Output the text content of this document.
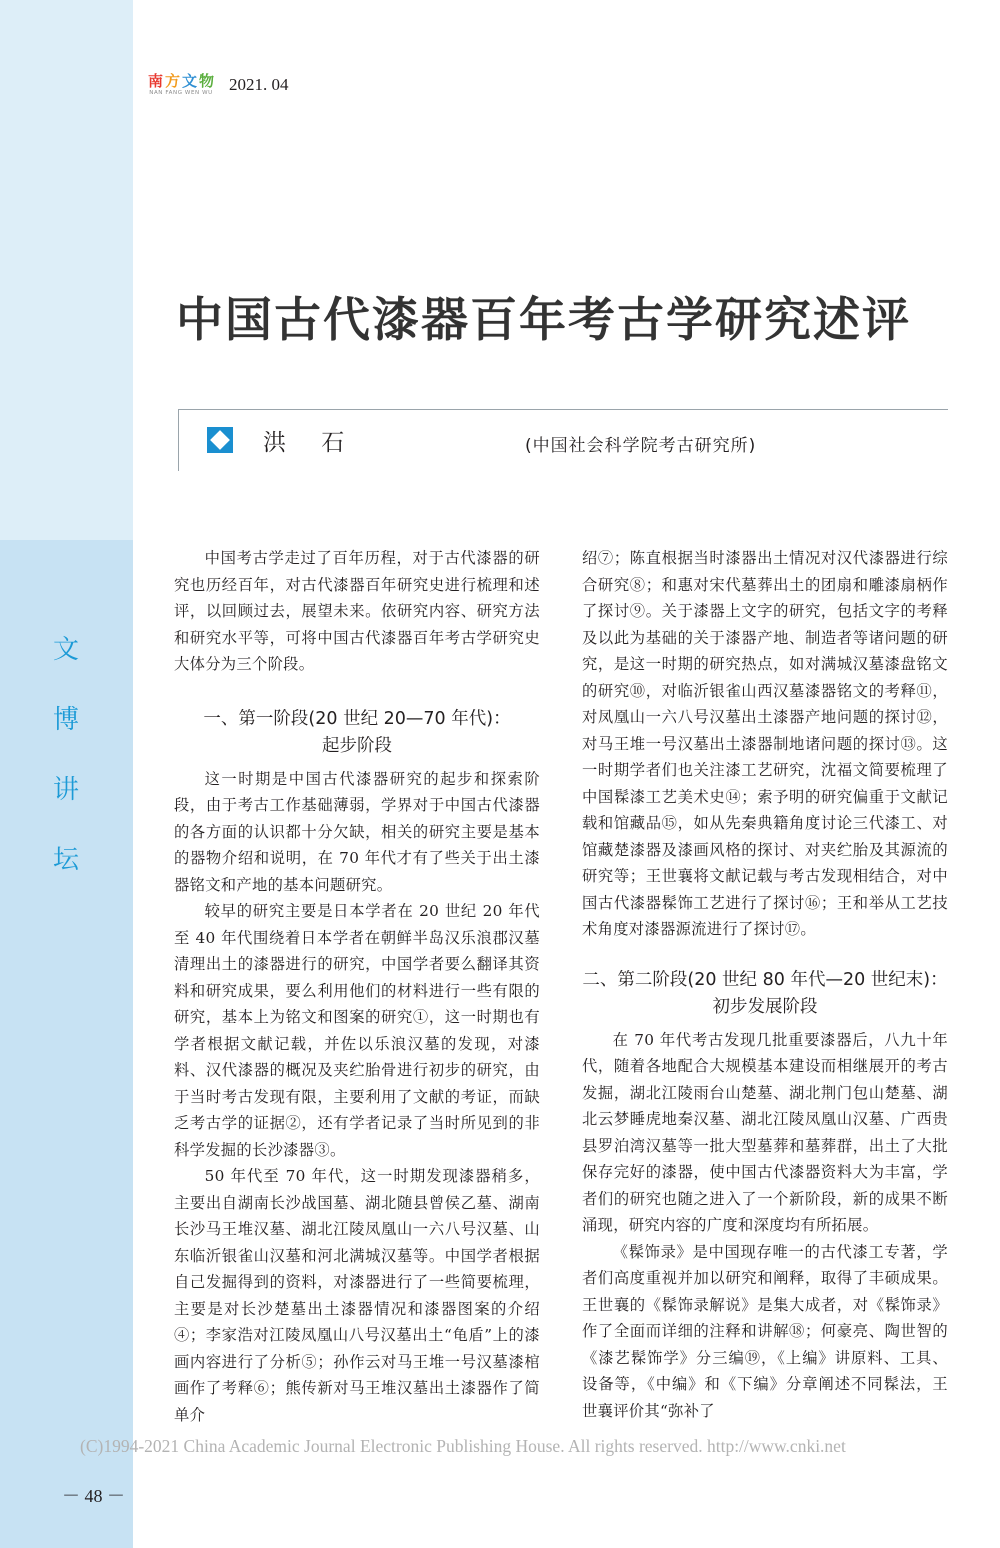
南 方 文 物
NAN FANG WEN WU 2021. 04
文
博
讲
坛
中国古代漆器百年考古学研究述评
洪 石	(中国社会科学院考古研究所)

中国考古学走过了百年历程，对于古代漆器的研究也历经百年，对古代漆器百年研究史进行梳理和述评，以回顾过去，展望未来。依研究内容、研究方法和研究水平等，可将中国古代漆器百年考古学研究史大体分为三个阶段。

一、第一阶段(20 世纪 20—70 年代)：
起步阶段

这一时期是中国古代漆器研究的起步和探索阶段，由于考古工作基础薄弱，学界对于中国古代漆器的各方面的认识都十分欠缺，相关的研究主要是基本的器物介绍和说明，在 70 年代才有了些关于出土漆器铭文和产地的基本问题研究。

较早的研究主要是日本学者在 20 世纪 20 年代至 40 年代围绕着日本学者在朝鲜半岛汉乐浪郡汉墓清理出土的漆器进行的研究，中国学者要么翻译其资料和研究成果，要么利用他们的材料进行一些有限的研究，基本上为铭文和图案的研究①，这一时期也有学者根据文献记载，并佐以乐浪汉墓的发现，对漆料、汉代漆器的概况及夹纻胎骨进行初步的研究，由于当时考古发现有限，主要利用了文献的考证，而缺乏考古学的证据②，还有学者记录了当时所见到的非科学发掘的长沙漆器③。

50 年代至 70 年代，这一时期发现漆器稍多，主要出自湖南长沙战国墓、湖北随县曾侯乙墓、湖南长沙马王堆汉墓、湖北江陵凤凰山一六八号汉墓、山东临沂银雀山汉墓和河北满城汉墓等。中国学者根据自己发掘得到的资料，对漆器进行了一些简要梳理，主要是对长沙楚墓出土漆器情况和漆器图案的介绍④；李家浩对江陵凤凰山八号汉墓出土“龟盾”上的漆画内容进行了分析⑤；孙作云对马王堆一号汉墓漆棺画作了考释⑥；熊传新对马王堆汉墓出土漆器作了简单介

绍⑦；陈直根据当时漆器出土情况对汉代漆器进行综合研究⑧；和惠对宋代墓葬出土的团扇和雕漆扇柄作了探讨⑨。关于漆器上文字的研究，包括文字的考释及以此为基础的关于漆器产地、制造者等诸问题的研究，是这一时期的研究热点，如对满城汉墓漆盘铭文的研究⑩，对临沂银雀山西汉墓漆器铭文的考释⑪，对凤凰山一六八号汉墓出土漆器产地问题的探讨⑫，对马王堆一号汉墓出土漆器制地诸问题的探讨⑬。这一时期学者们也关注漆工艺研究，沈福文简要梳理了中国髹漆工艺美术史⑭；索予明的研究偏重于文献记载和馆藏品⑮，如从先秦典籍角度讨论三代漆工、对馆藏楚漆器及漆画风格的探讨、对夹纻胎及其源流的研究等；王世襄将文献记载与考古发现相结合，对中国古代漆器髹饰工艺进行了探讨⑯；王和举从工艺技术角度对漆器源流进行了探讨⑰。

二、第二阶段(20 世纪 80 年代—20 世纪末)：
初步发展阶段

在 70 年代考古发现几批重要漆器后，八九十年代，随着各地配合大规模基本建设而相继展开的考古发掘，湖北江陵雨台山楚墓、湖北荆门包山楚墓、湖北云梦睡虎地秦汉墓、湖北江陵凤凰山汉墓、广西贵县罗泊湾汉墓等一批大型墓葬和墓葬群，出土了大批保存完好的漆器，使中国古代漆器资料大为丰富，学者们的研究也随之进入了一个新阶段，新的成果不断涌现，研究内容的广度和深度均有所拓展。

《髹饰录》是中国现存唯一的古代漆工专著，学者们高度重视并加以研究和阐释，取得了丰硕成果。王世襄的《髹饰录解说》是集大成者，对《髹饰录》作了全面而详细的注释和讲解⑱；何豪亮、陶世智的《漆艺髹饰学》分三编⑲，《上编》讲原料、工具、设备等，《中编》和《下编》分章阐述不同髹法，王世襄评价其“弥补了

(C)1994-2021 China Academic Journal Electronic Publishing House. All rights reserved. http://www.cnki.net
－ 48 －
